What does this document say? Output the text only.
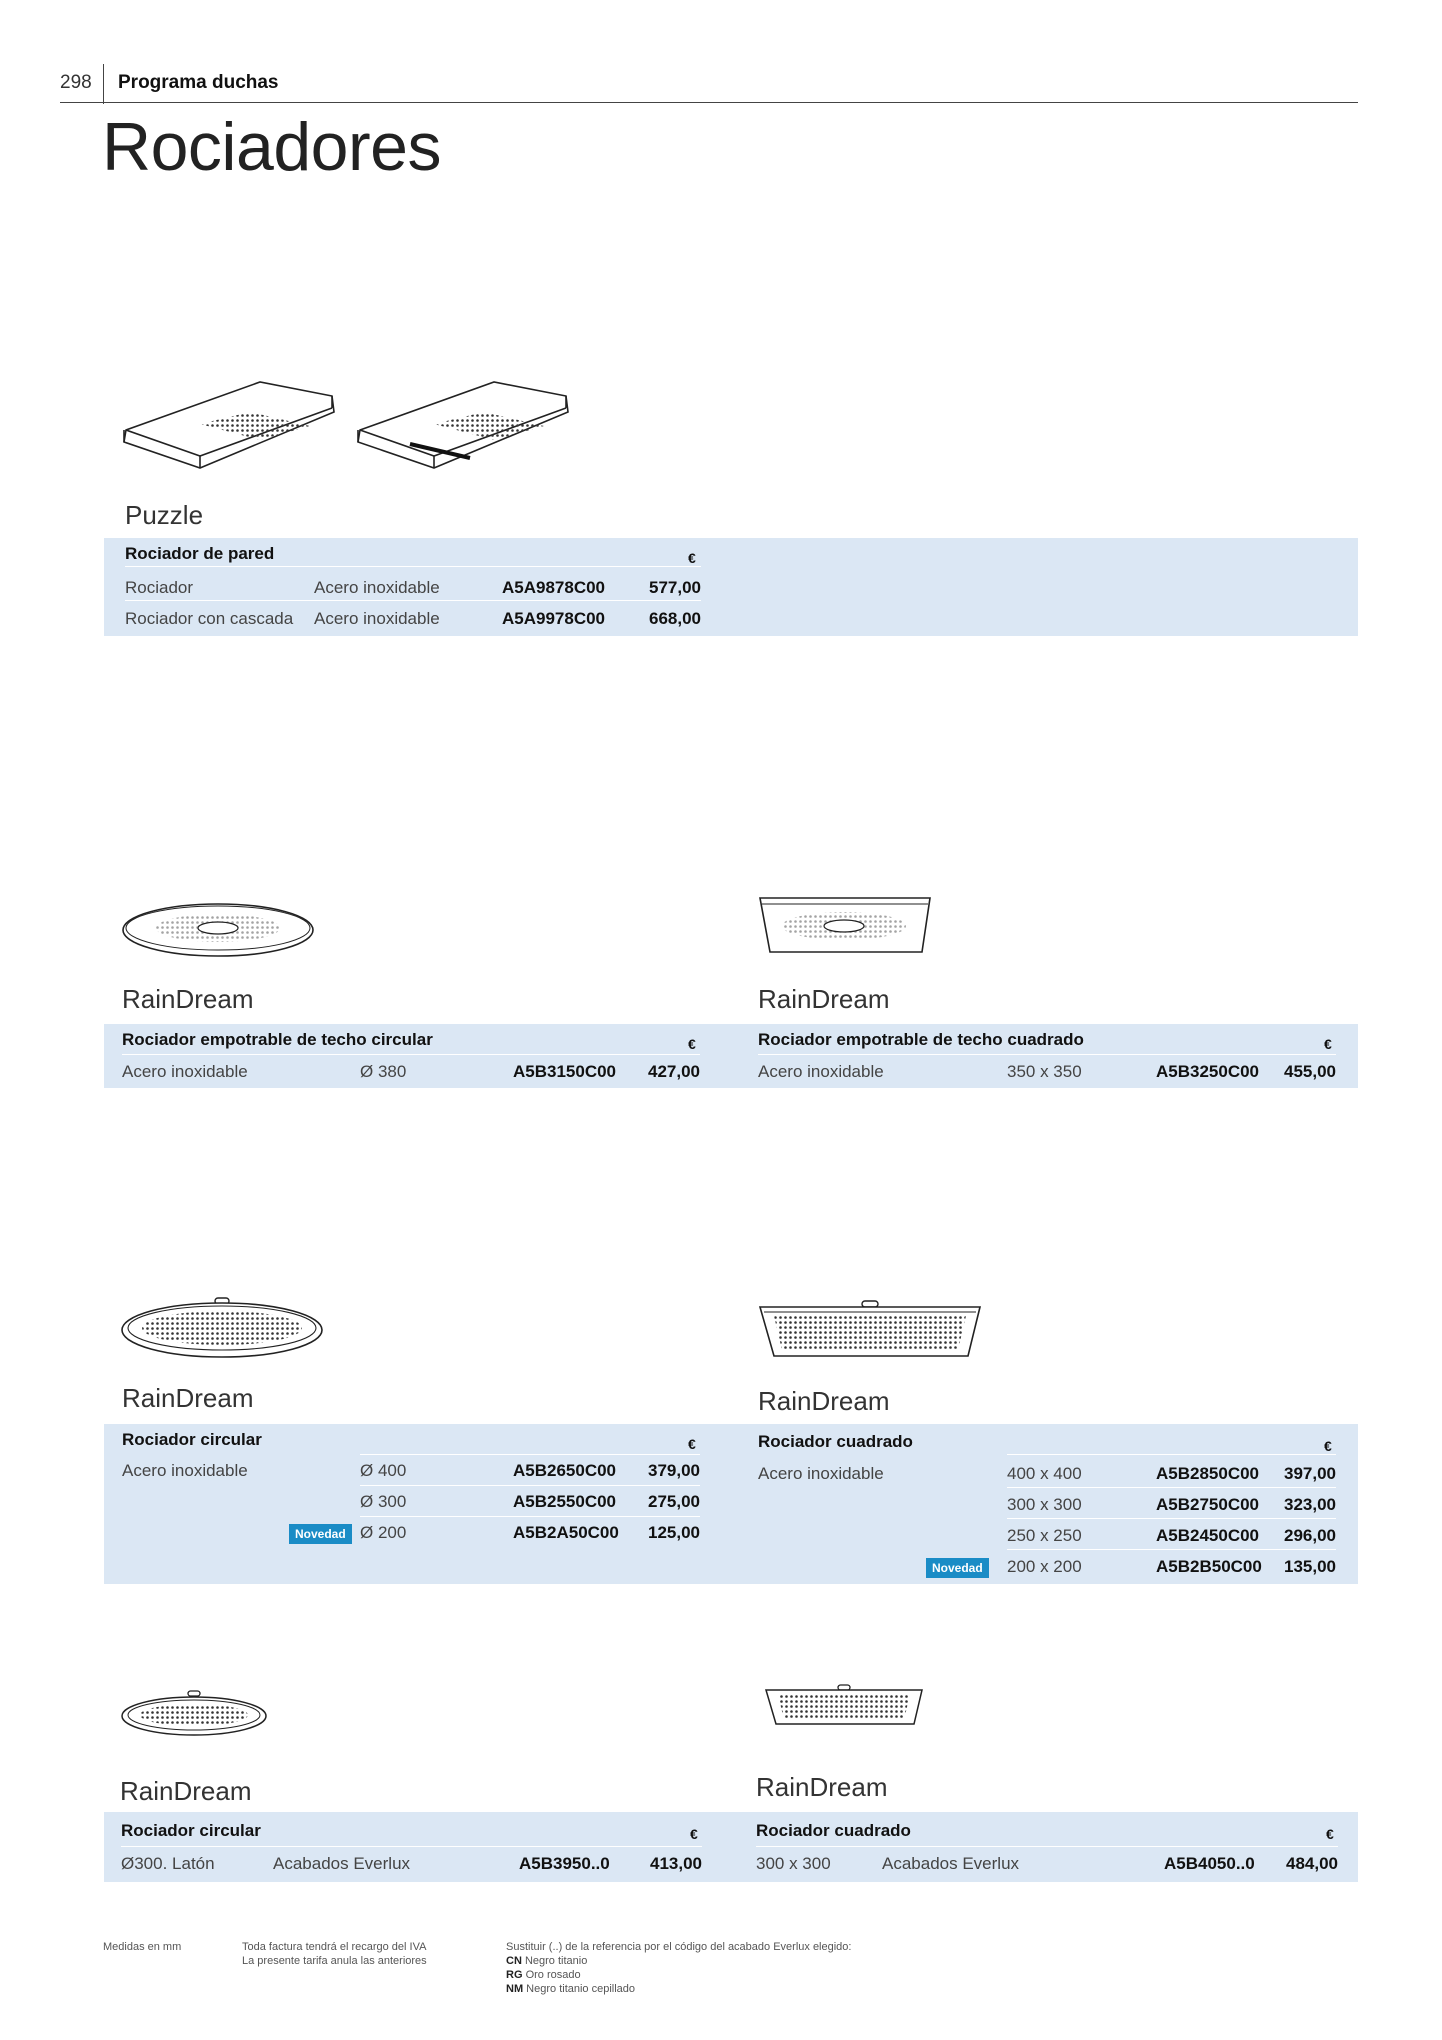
298 Programa duchas
Rociadores
Puzzle
Rociador de pared	€
Rociador	Acero inoxidable	A5A9878C00	577,00
Rociador con cascada Acero inoxidable	A5A9978C00	668,00
RainDream	RainDream
Rociador empotrable de techo circular	€	Rociador empotrable de techo cuadrado	€
Acero inoxidable	Ø 380	A5B3150C00	427,00	Acero inoxidable	350 x 350	A5B3250C00	455,00
RainDream	RainDream
Rociador circular	€	Rociador cuadrado	€
Acero inoxidable	Ø 400	A5B2650C00	379,00
Ø 300	A5B2550C00	275,00
Novedad Ø 200	A5B2A50C00	125,00
Acero inoxidable	400 x 400	A5B2850C00	397,00
300 x 300	A5B2750C00	323,00
250 x 250	A5B2450C00	296,00
Novedad	200 x 200	A5B2B50C00	135,00
RainDream	RainDream
Rociador circular	€	Rociador cuadrado	€
Ø300. Latón	Acabados Everlux	A5B3950..0	413,00	300 x 300	Acabados Everlux	A5B4050..0	484,00
Medidas en mm	Toda factura tendrá el recargo del IVA
La presente tarifa anula las anteriores
Sustituir (..) de la referencia por el código del acabado Everlux elegido:
CN Negro titanio
RG Oro rosado
NM Negro titanio cepillado
